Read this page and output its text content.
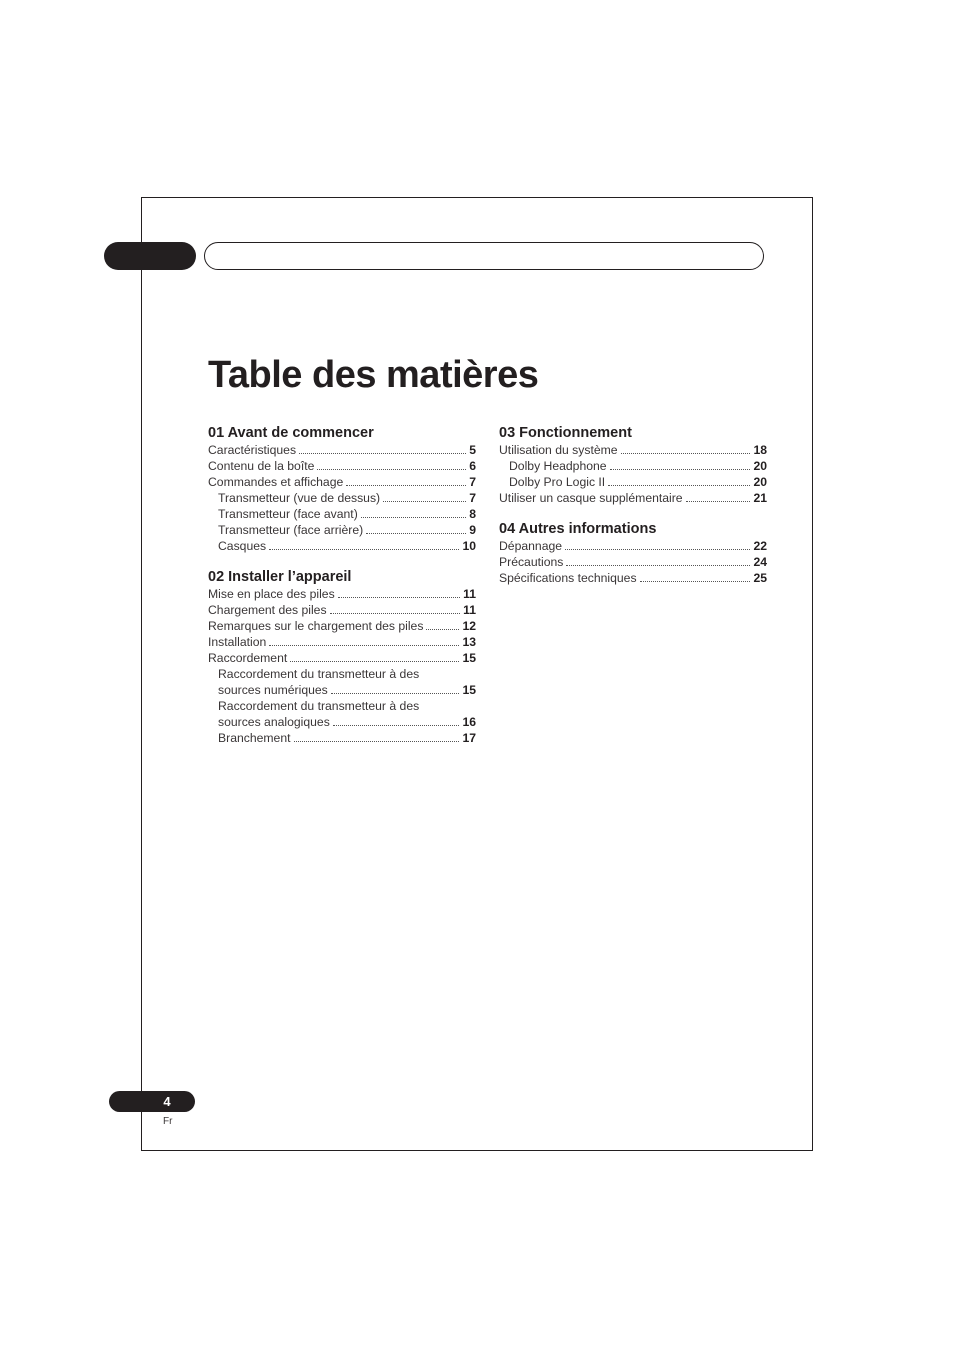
Table des matières
01 Avant de commencer
Caractéristiques	5
Contenu de la boîte	6
Commandes et affichage	7
Transmetteur (vue de dessus)	7
Transmetteur (face avant)	8
Transmetteur (face arrière)	9
Casques	10
02 Installer l’appareil
Mise en place des piles	11
Chargement des piles	11
Remarques sur le chargement des piles	12
Installation	13
Raccordement	15
Raccordement du transmetteur à des
sources numériques	15
Raccordement du transmetteur à des
sources analogiques	16
Branchement	17
03 Fonctionnement
Utilisation du système	18
Dolby Headphone	20
Dolby Pro Logic II	20
Utiliser un casque supplémentaire	21
04 Autres informations
Dépannage	22
Précautions	24
Spécifications techniques	25
4
Fr
